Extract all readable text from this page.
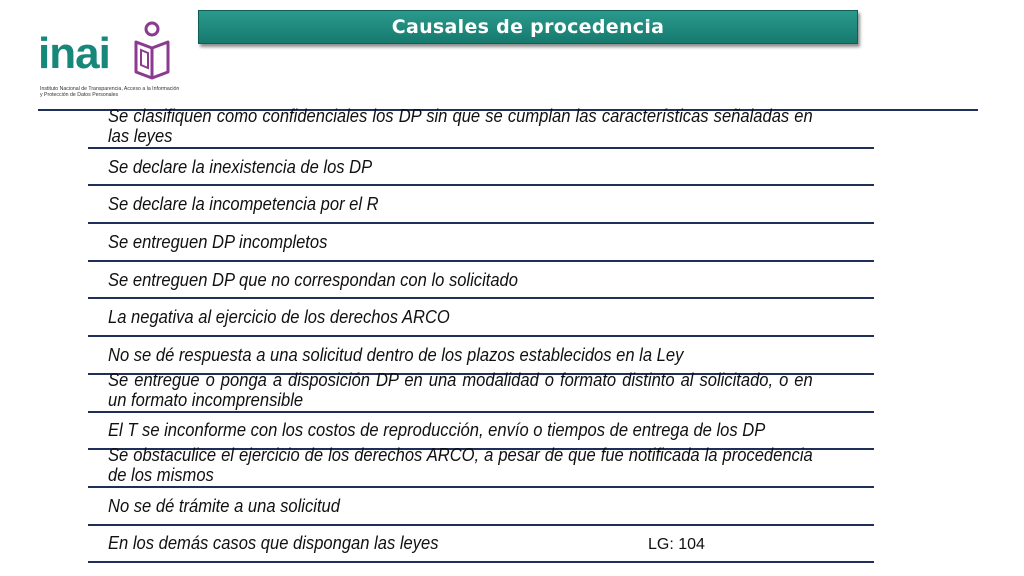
inai
Instituto Nacional de Transparencia, Acceso a la Información y Protección de Datos Personales
Causales de procedencia
Se clasifiquen como confidenciales los DP sin que se cumplan las características señaladas en las leyes
Se declare la inexistencia de los DP
Se declare la incompetencia por el R
Se entreguen DP incompletos
Se entreguen DP que no correspondan con lo solicitado
La negativa al ejercicio de los derechos ARCO
No se dé respuesta a una solicitud dentro de los plazos establecidos en la Ley
Se entregue o ponga a disposición DP en una modalidad o formato distinto al solicitado, o en un formato incomprensible
El T se inconforme con los costos de reproducción, envío o tiempos de entrega de los DP
Se obstaculice el ejercicio de los derechos ARCO, a pesar de que fue notificada la procedencia de los mismos
No se dé trámite a una solicitud
En los demás casos que dispongan las leyes	LG: 104
